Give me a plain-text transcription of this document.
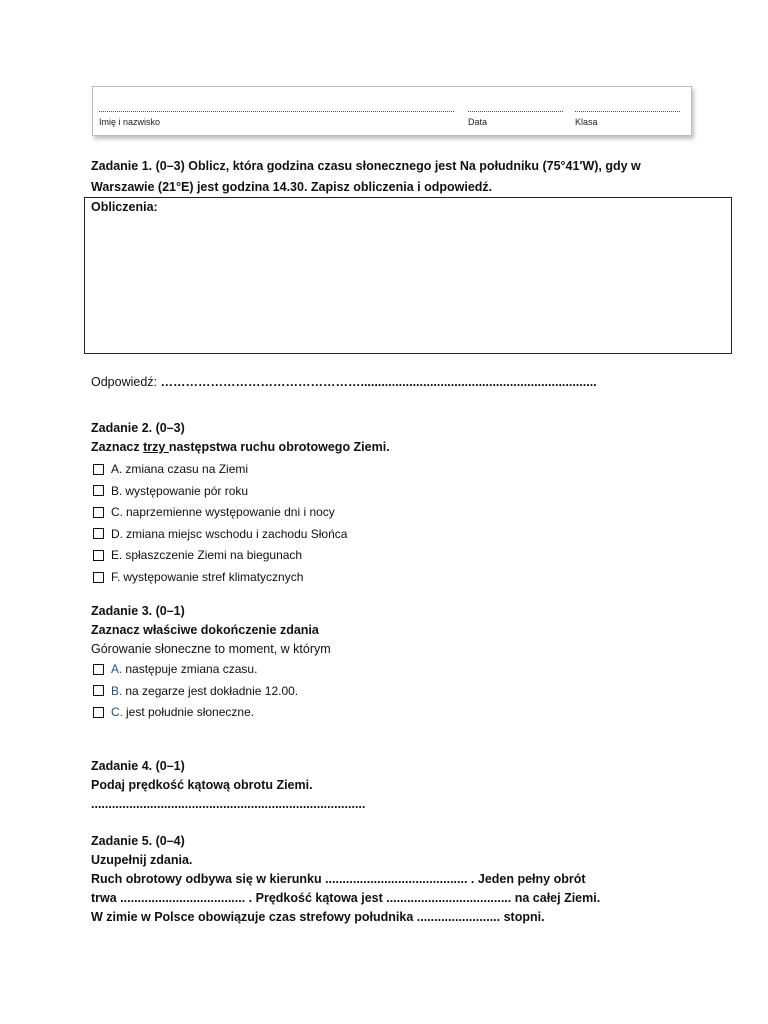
Imię i nazwisko	Data	Klasa
Zadanie 1. (0–3) Oblicz, która godzina czasu słonecznego jest Na południku (75°41′W), gdy w
Warszawie (21°E) jest godzina 14.30. Zapisz obliczenia i odpowiedź.
Obliczenia:
Odpowiedź: …………………………………………....................................................................
Zadanie 2. (0–3)
Zaznacz trzy następstwa ruchu obrotowego Ziemi.
A. zmiana czasu na Ziemi
B. występowanie pór roku
C. naprzemienne występowanie dni i nocy
D. zmiana miejsc wschodu i zachodu Słońca
E. spłaszczenie Ziemi na biegunach
F. występowanie stref klimatycznych
Zadanie 3. (0–1)
Zaznacz właściwe dokończenie zdania
Górowanie słoneczne to moment, w którym
A. następuje zmiana czasu.
B. na zegarze jest dokładnie 12.00.
C. jest południe słoneczne.
Zadanie 4. (0–1)
Podaj prędkość kątową obrotu Ziemi.
...............................................................................
Zadanie 5. (0–4)
Uzupełnij zdania.
Ruch obrotowy odbywa się w kierunku ......................................... . Jeden pełny obrót
trwa .................................... . Prędkość kątowa jest .................................... na całej Ziemi.
W zimie w Polsce obowiązuje czas strefowy południka ........................ stopni.
